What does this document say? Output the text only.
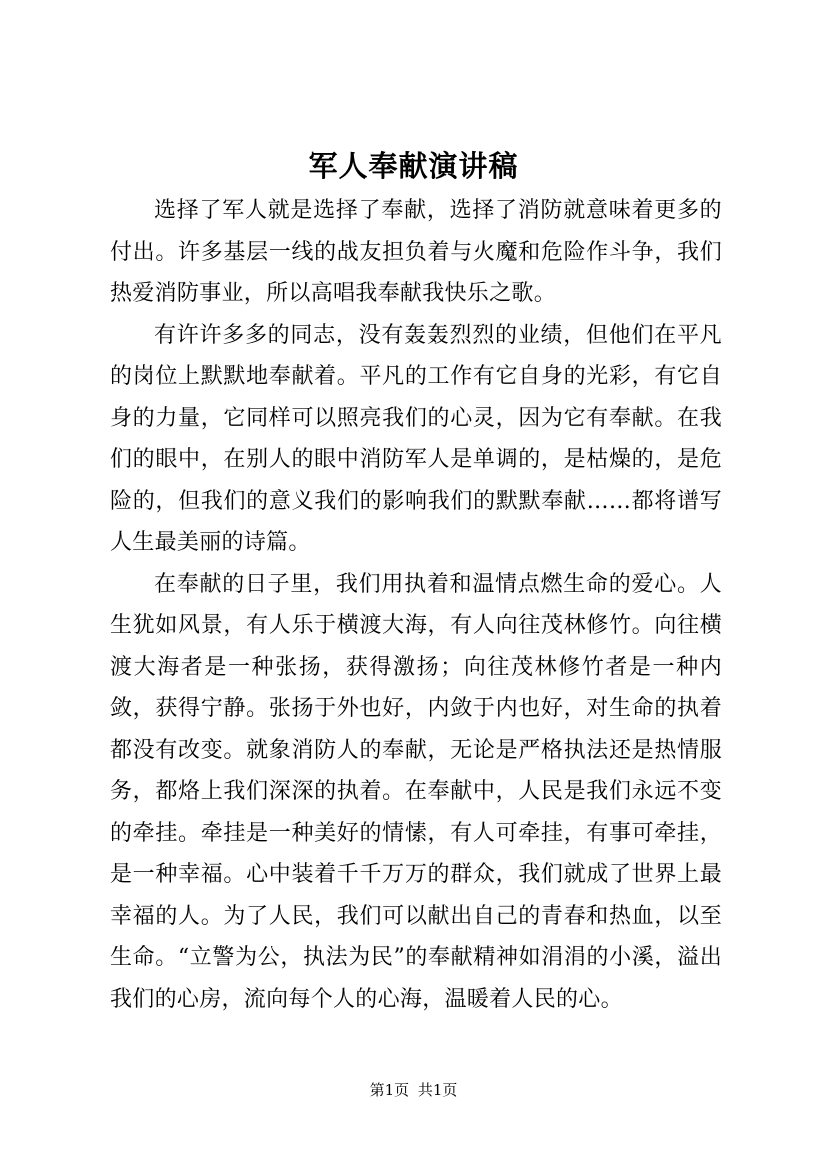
军人奉献演讲稿

选择了军人就是选择了奉献，选择了消防就意味着更多的付出。许多基层一线的战友担负着与火魔和危险作斗争，我们热爱消防事业，所以高唱我奉献我快乐之歌。

有许许多多的同志，没有轰轰烈烈的业绩，但他们在平凡的岗位上默默地奉献着。平凡的工作有它自身的光彩，有它自身的力量，它同样可以照亮我们的心灵，因为它有奉献。在我们的眼中，在别人的眼中消防军人是单调的，是枯燥的，是危险的，但我们的意义我们的影响我们的默默奉献……都将谱写人生最美丽的诗篇。

在奉献的日子里，我们用执着和温情点燃生命的爱心。人生犹如风景，有人乐于横渡大海，有人向往茂林修竹。向往横渡大海者是一种张扬，获得激扬；向往茂林修竹者是一种内敛，获得宁静。张扬于外也好，内敛于内也好，对生命的执着都没有改变。就象消防人的奉献，无论是严格执法还是热情服务，都烙上我们深深的执着。在奉献中，人民是我们永远不变的牵挂。牵挂是一种美好的情愫，有人可牵挂，有事可牵挂，是一种幸福。心中装着千千万万的群众，我们就成了世界上最幸福的人。为了人民，我们可以献出自己的青春和热血，以至生命。“立警为公，执法为民”的奉献精神如涓涓的小溪，溢出我们的心房，流向每个人的心海，温暖着人民的心。

第1页 共1页
